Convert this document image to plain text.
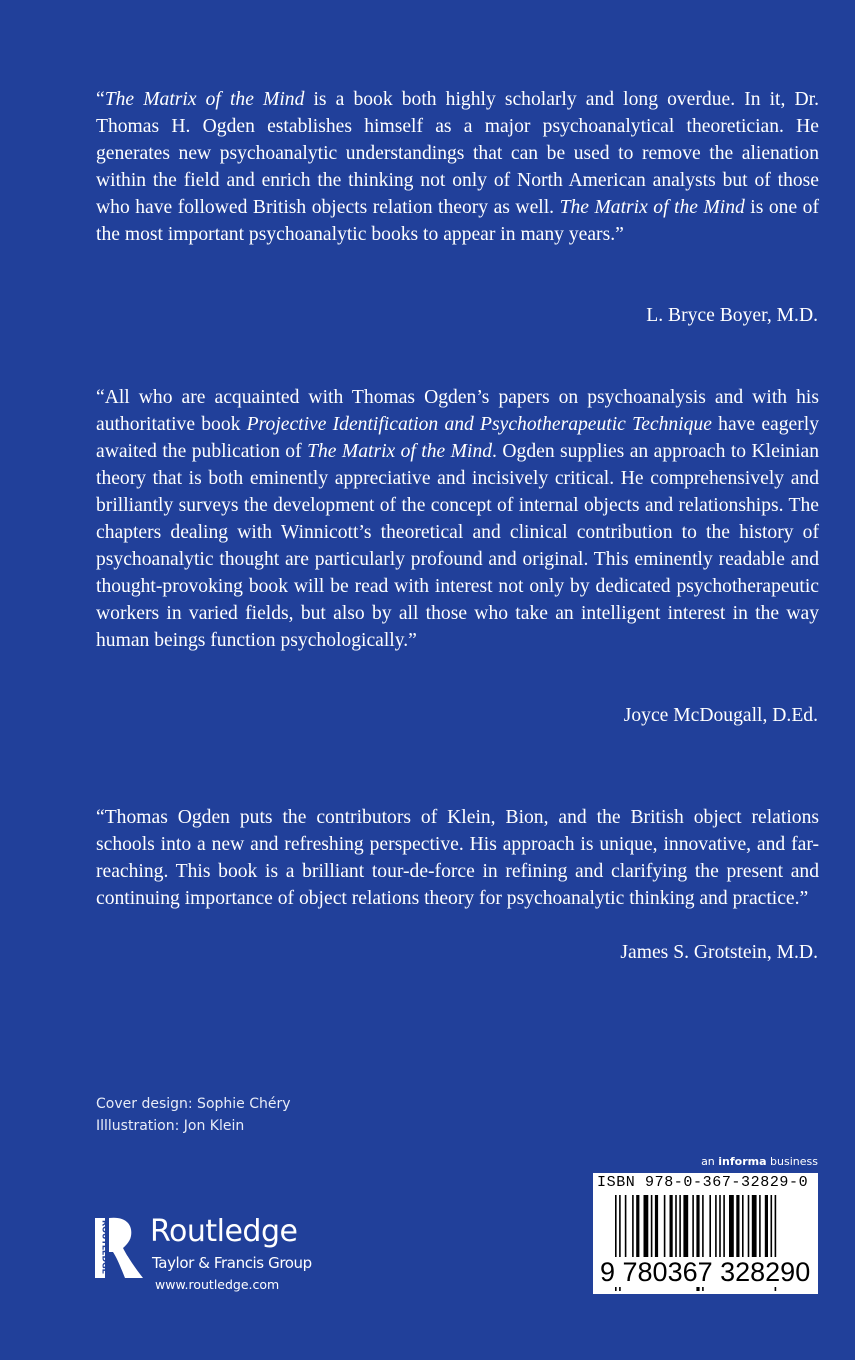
“The Matrix of the Mind is a book both highly scholarly and long overdue. In it, Dr. Thomas H. Ogden establishes himself as a major psychoanalytical theoretician. He generates new psychoanalytic understandings that can be used to remove the alienation within the field and enrich the thinking not only of North American analysts but of those who have followed British objects relation theory as well. The Matrix of the Mind is one of the most important psychoanalytic books to appear in many years.”
L. Bryce Boyer, M.D.
“All who are acquainted with Thomas Ogden’s papers on psychoanalysis and with his authoritative book Projective Identification and Psychotherapeutic Technique have eagerly awaited the publication of The Matrix of the Mind. Ogden supplies an approach to Kleinian theory that is both eminently appreciative and incisively critical. He comprehensively and brilliantly surveys the development of the concept of internal objects and relationships. The chapters dealing with Winnicott’s theoretical and clinical contribution to the history of psychoanalytic thought are particularly profound and original. This eminently readable and thought-provoking book will be read with interest not only by dedicated psychotherapeutic workers in varied fields, but also by all those who take an intelligent interest in the way human beings function psychologically.”
Joyce McDougall, D.Ed.
“Thomas Ogden puts the contributors of Klein, Bion, and the British object relations schools into a new and refreshing perspective. His approach is unique, innovative, and far-reaching. This book is a brilliant tour-de-force in refining and clarifying the present and continuing importance of object relations theory for psychoanalytic thinking and practice.”
James S. Grotstein, M.D.
Cover design: Sophie Chéry
Illlustration: Jon Klein
ROUTLEDGE Routledge
Taylor & Francis Group
www.routledge.com
an informa business
ISBN 978-0-367-32829-0
9 780367 328290
